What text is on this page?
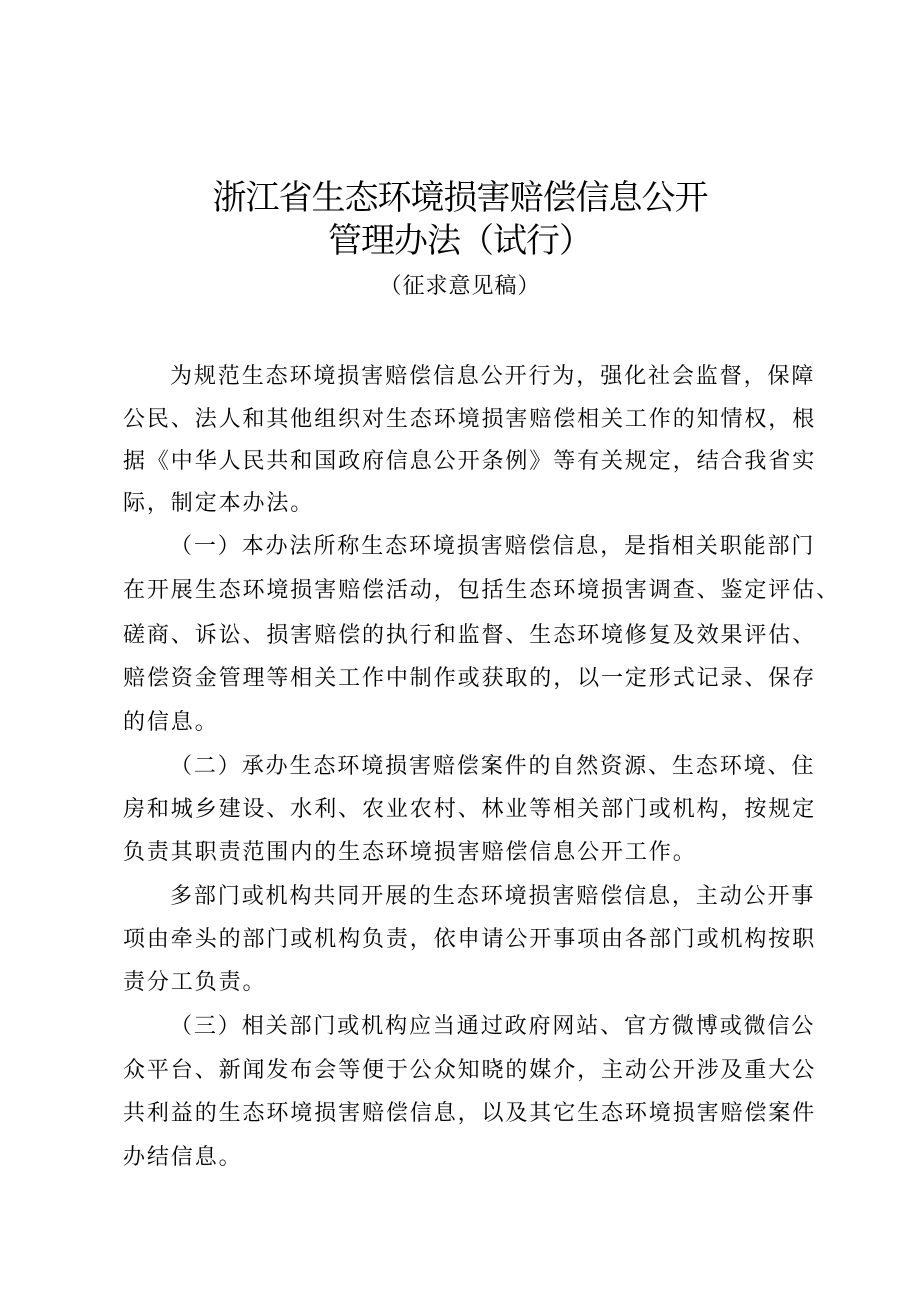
浙江省生态环境损害赔偿信息公开
管理办法（试行）
（征求意见稿）
为规范生态环境损害赔偿信息公开行为，强化社会监督，保障
公民、法人和其他组织对生态环境损害赔偿相关工作的知情权，根
据《中华人民共和国政府信息公开条例》等有关规定，结合我省实
际，制定本办法。
（一）本办法所称生态环境损害赔偿信息，是指相关职能部门
在开展生态环境损害赔偿活动，包括生态环境损害调查、鉴定评估、
磋商、诉讼、损害赔偿的执行和监督、生态环境修复及效果评估、
赔偿资金管理等相关工作中制作或获取的，以一定形式记录、保存
的信息。
（二）承办生态环境损害赔偿案件的自然资源、生态环境、住
房和城乡建设、水利、农业农村、林业等相关部门或机构，按规定
负责其职责范围内的生态环境损害赔偿信息公开工作。
多部门或机构共同开展的生态环境损害赔偿信息，主动公开事
项由牵头的部门或机构负责，依申请公开事项由各部门或机构按职
责分工负责。
（三）相关部门或机构应当通过政府网站、官方微博或微信公
众平台、新闻发布会等便于公众知晓的媒介，主动公开涉及重大公
共利益的生态环境损害赔偿信息，以及其它生态环境损害赔偿案件
办结信息。
